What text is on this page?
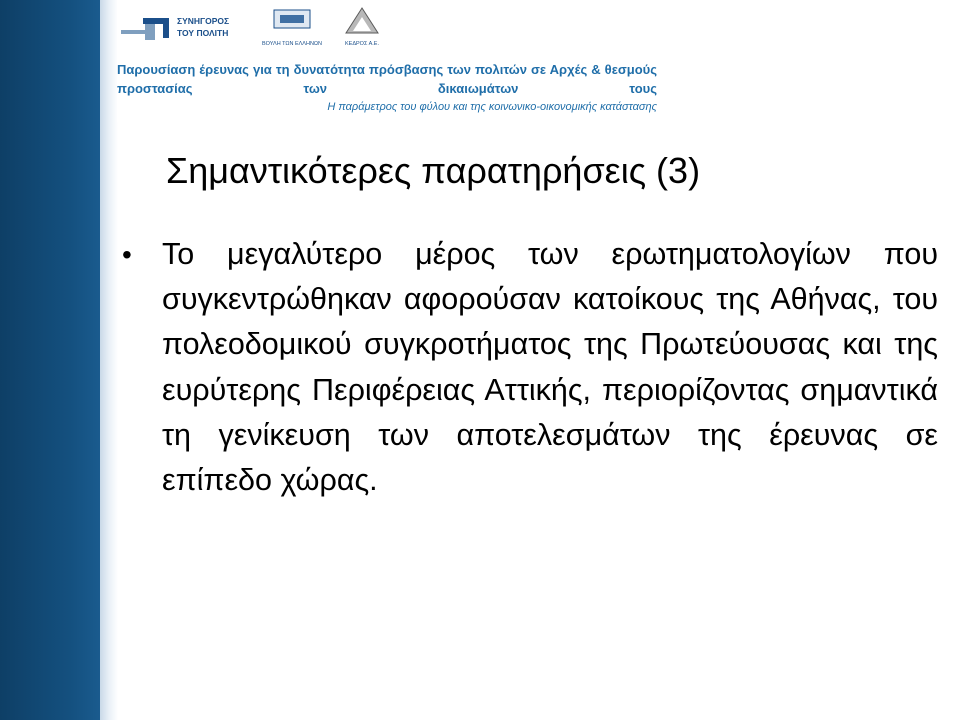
ΣΥΝΗΓΟΡΟΣ
ΤΟΥ ΠΟΛΙΤΗ
ΒΟΥΛΗ ΤΩΝ ΕΛΛΗΝΩΝ	ΚΕΔΡΟΣ Α.Ε.
Παρουσίαση έρευνας για τη δυνατότητα πρόσβασης των πολιτών σε Αρχές & θεσμούς προστασίας των δικαιωμάτων τους
Η παράμετρος του φύλου και της κοινωνικο-οικονομικής κατάστασης
Σημαντικότερες παρατηρήσεις (3)
• Το μεγαλύτερο μέρος των ερωτηματολογίων που συγκεντρώθηκαν αφορούσαν κατοίκους της Αθήνας, του πολεοδομικού συγκροτήματος της Πρωτεύουσας και της ευρύτερης Περιφέρειας Αττικής, περιορίζοντας σημαντικά τη γενίκευση των αποτελεσμάτων της έρευνας σε επίπεδο χώρας.
